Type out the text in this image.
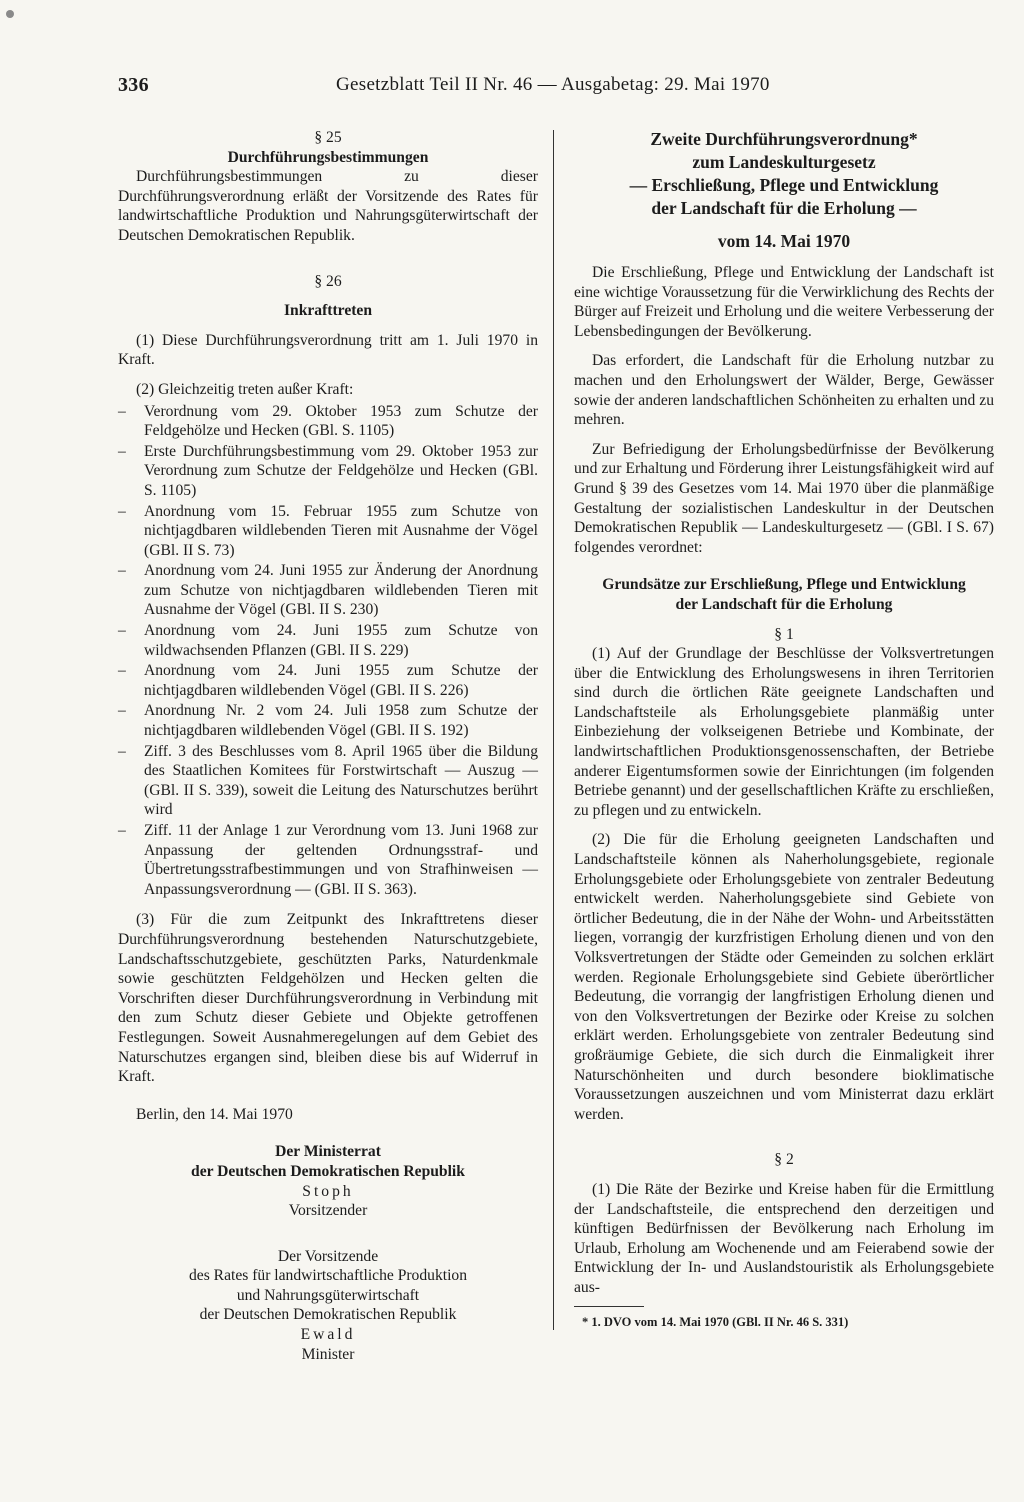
336	Gesetzblatt Teil II Nr. 46 — Ausgabetag: 29. Mai 1970

§ 25

Durchführungsbestimmungen

Durchführungsbestimmungen zu dieser Durchführungsverordnung erläßt der Vorsitzende des Rates für landwirtschaftliche Produktion und Nahrungsgüterwirtschaft der Deutschen Demokratischen Republik.

§ 26

Inkrafttreten

(1) Diese Durchführungsverordnung tritt am 1. Juli 1970 in Kraft.

(2) Gleichzeitig treten außer Kraft:

– Verordnung vom 29. Oktober 1953 zum Schutze der Feldgehölze und Hecken (GBl. S. 1105)
– Erste Durchführungsbestimmung vom 29. Oktober 1953 zur Verordnung zum Schutze der Feldgehölze und Hecken (GBl. S. 1105)
– Anordnung vom 15. Februar 1955 zum Schutze von nichtjagdbaren wildlebenden Tieren mit Ausnahme der Vögel (GBl. II S. 73)
– Anordnung vom 24. Juni 1955 zur Änderung der Anordnung zum Schutze von nichtjagdbaren wildlebenden Tieren mit Ausnahme der Vögel (GBl. II S. 230)
– Anordnung vom 24. Juni 1955 zum Schutze von wildwachsenden Pflanzen (GBl. II S. 229)
– Anordnung vom 24. Juni 1955 zum Schutze der nichtjagdbaren wildlebenden Vögel (GBl. II S. 226)
– Anordnung Nr. 2 vom 24. Juli 1958 zum Schutze der nichtjagdbaren wildlebenden Vögel (GBl. II S. 192)
– Ziff. 3 des Beschlusses vom 8. April 1965 über die Bildung des Staatlichen Komitees für Forstwirtschaft — Auszug — (GBl. II S. 339), soweit die Leitung des Naturschutzes berührt wird
– Ziff. 11 der Anlage 1 zur Verordnung vom 13. Juni 1968 zur Anpassung der geltenden Ordnungsstraf- und Übertretungsstrafbestimmungen und von Strafhinweisen — Anpassungsverordnung — (GBl. II S. 363).

(3) Für die zum Zeitpunkt des Inkrafttretens dieser Durchführungsverordnung bestehenden Naturschutzgebiete, Landschaftsschutzgebiete, geschützten Parks, Naturdenkmale sowie geschützten Feldgehölzen und Hecken gelten die Vorschriften dieser Durchführungsverordnung in Verbindung mit den zum Schutz dieser Gebiete und Objekte getroffenen Festlegungen. Soweit Ausnahmeregelungen auf dem Gebiet des Naturschutzes ergangen sind, bleiben diese bis auf Widerruf in Kraft.

Berlin, den 14. Mai 1970

Der Ministerrat

der Deutschen Demokratischen Republik

Stoph

Vorsitzender

Der Vorsitzende

des Rates für landwirtschaftliche Produktion

und Nahrungsgüterwirtschaft

der Deutschen Demokratischen Republik

Ewald

Minister

Zweite Durchführungsverordnung*

zum Landeskulturgesetz

— Erschließung, Pflege und Entwicklung

der Landschaft für die Erholung —

vom 14. Mai 1970

Die Erschließung, Pflege und Entwicklung der Landschaft ist eine wichtige Voraussetzung für die Verwirklichung des Rechts der Bürger auf Freizeit und Erholung und die weitere Verbesserung der Lebensbedingungen der Bevölkerung.

Das erfordert, die Landschaft für die Erholung nutzbar zu machen und den Erholungswert der Wälder, Berge, Gewässer sowie der anderen landschaftlichen Schönheiten zu erhalten und zu mehren.

Zur Befriedigung der Erholungsbedürfnisse der Bevölkerung und zur Erhaltung und Förderung ihrer Leistungsfähigkeit wird auf Grund § 39 des Gesetzes vom 14. Mai 1970 über die planmäßige Gestaltung der sozialistischen Landeskultur in der Deutschen Demokratischen Republik — Landeskulturgesetz — (GBl. I S. 67) folgendes verordnet:

Grundsätze zur Erschließung, Pflege und Entwicklung

der Landschaft für die Erholung

§ 1

(1) Auf der Grundlage der Beschlüsse der Volksvertretungen über die Entwicklung des Erholungswesens in ihren Territorien sind durch die örtlichen Räte geeignete Landschaften und Landschaftsteile als Erholungsgebiete planmäßig unter Einbeziehung der volkseigenen Betriebe und Kombinate, der landwirtschaftlichen Produktionsgenossenschaften, der Betriebe anderer Eigentumsformen sowie der Einrichtungen (im folgenden Betriebe genannt) und der gesellschaftlichen Kräfte zu erschließen, zu pflegen und zu entwickeln.

(2) Die für die Erholung geeigneten Landschaften und Landschaftsteile können als Naherholungsgebiete, regionale Erholungsgebiete oder Erholungsgebiete von zentraler Bedeutung entwickelt werden. Naherholungsgebiete sind Gebiete von örtlicher Bedeutung, die in der Nähe der Wohn- und Arbeitsstätten liegen, vorrangig der kurzfristigen Erholung dienen und von den Volksvertretungen der Städte oder Gemeinden zu solchen erklärt werden. Regionale Erholungsgebiete sind Gebiete überörtlicher Bedeutung, die vorrangig der langfristigen Erholung dienen und von den Volksvertretungen der Bezirke oder Kreise zu solchen erklärt werden. Erholungsgebiete von zentraler Bedeutung sind großräumige Gebiete, die sich durch die Einmaligkeit ihrer Naturschönheiten und durch besondere bioklimatische Voraussetzungen auszeichnen und vom Ministerrat dazu erklärt werden.

§ 2

(1) Die Räte der Bezirke und Kreise haben für die Ermittlung der Landschaftsteile, die entsprechend den derzeitigen und künftigen Bedürfnissen der Bevölkerung nach Erholung im Urlaub, Erholung am Wochenende und am Feierabend sowie der Entwicklung der In- und Auslandstouristik als Erholungsgebiete aus-

* 1. DVO vom 14. Mai 1970 (GBl. II Nr. 46 S. 331)
